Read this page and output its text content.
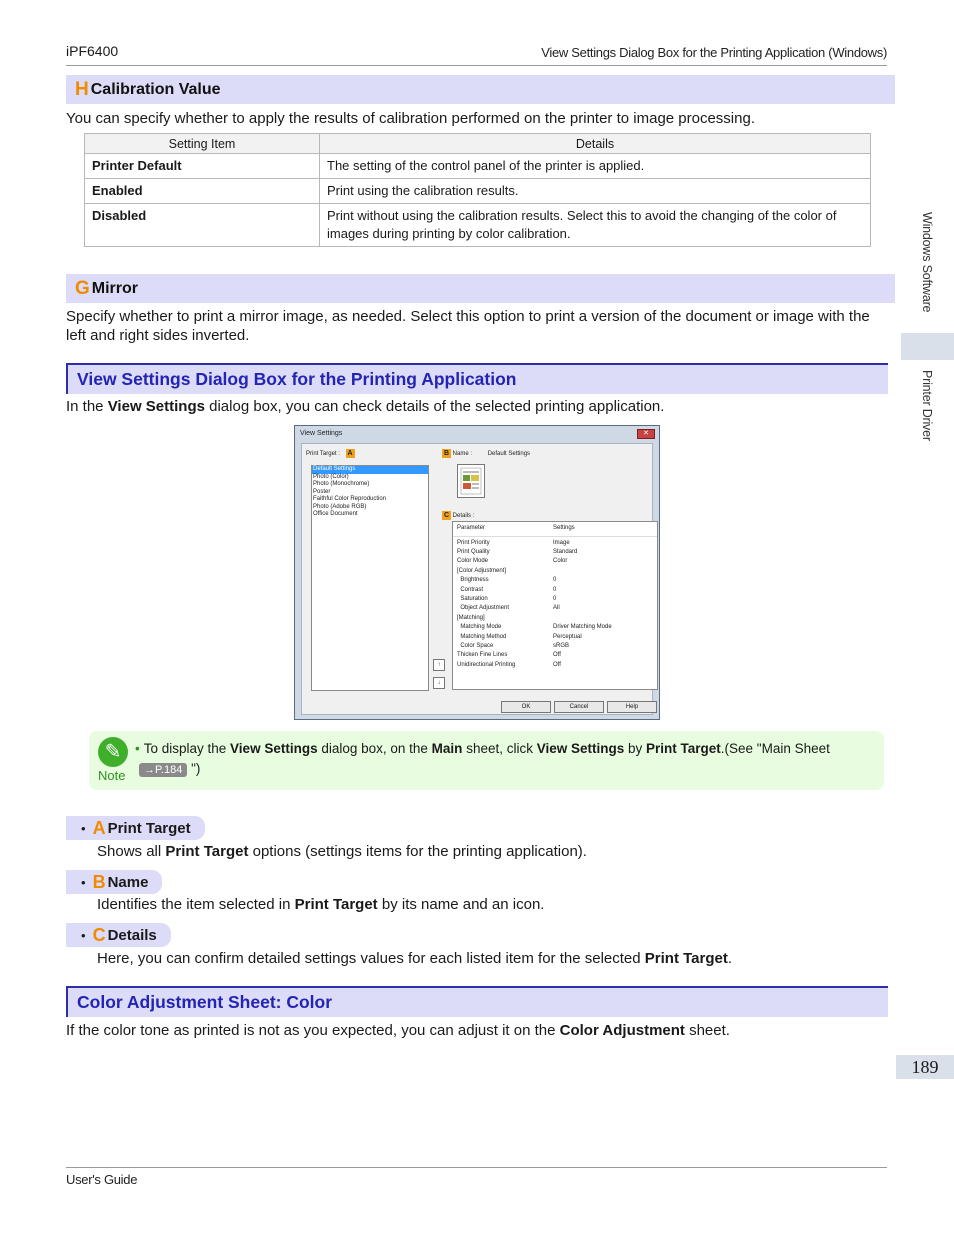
iPF6400	View Settings Dialog Box for the Printing Application (Windows)
H Calibration Value
You can specify whether to apply the results of calibration performed on the printer to image processing.
Setting Item	Details
Printer Default	The setting of the control panel of the printer is applied.
Enabled	Print using the calibration results.
Disabled	Print without using the calibration results. Select this to avoid the changing of the color of images during printing by color calibration.
G Mirror
Specify whether to print a mirror image, as needed. Select this option to print a version of the document or image with the left and right sides inverted.
View Settings Dialog Box for the Printing Application
In the View Settings dialog box, you can check details of the selected printing application.
View Settings	✕
Print Target : A
Default Settings
Photo (Color)
Photo (Monochrome)
Poster
Faithful Color Reproduction
Photo (Adobe RGB)
Office Document
B Name :	Default Settings
C Details :
Parameter	Settings
Print Priority	Image
Print Quality	Standard
Color Mode	Color
[Color Adjustment]
Brightness	0
Contrast	0
Saturation	0
Object Adjustment	All
[Matching]
Matching Mode	Driver Matching Mode
Matching Method	Perceptual
Color Space	sRGB
Thicken Fine Lines	Off
Unidirectional Printing	Off
↑
↓
OK	Cancel	Help
✎
Note
• To display the View Settings dialog box, on the Main sheet, click View Settings by Print Target.(See "Main Sheet
→P.184 ")
• A Print Target
Shows all Print Target options (settings items for the printing application).
• B Name
Identifies the item selected in Print Target by its name and an icon.
• C Details
Here, you can confirm detailed settings values for each listed item for the selected Print Target.
Color Adjustment Sheet: Color
If the color tone as printed is not as you expected, you can adjust it on the Color Adjustment sheet.
Windows Software
Printer Driver
189
User's Guide
